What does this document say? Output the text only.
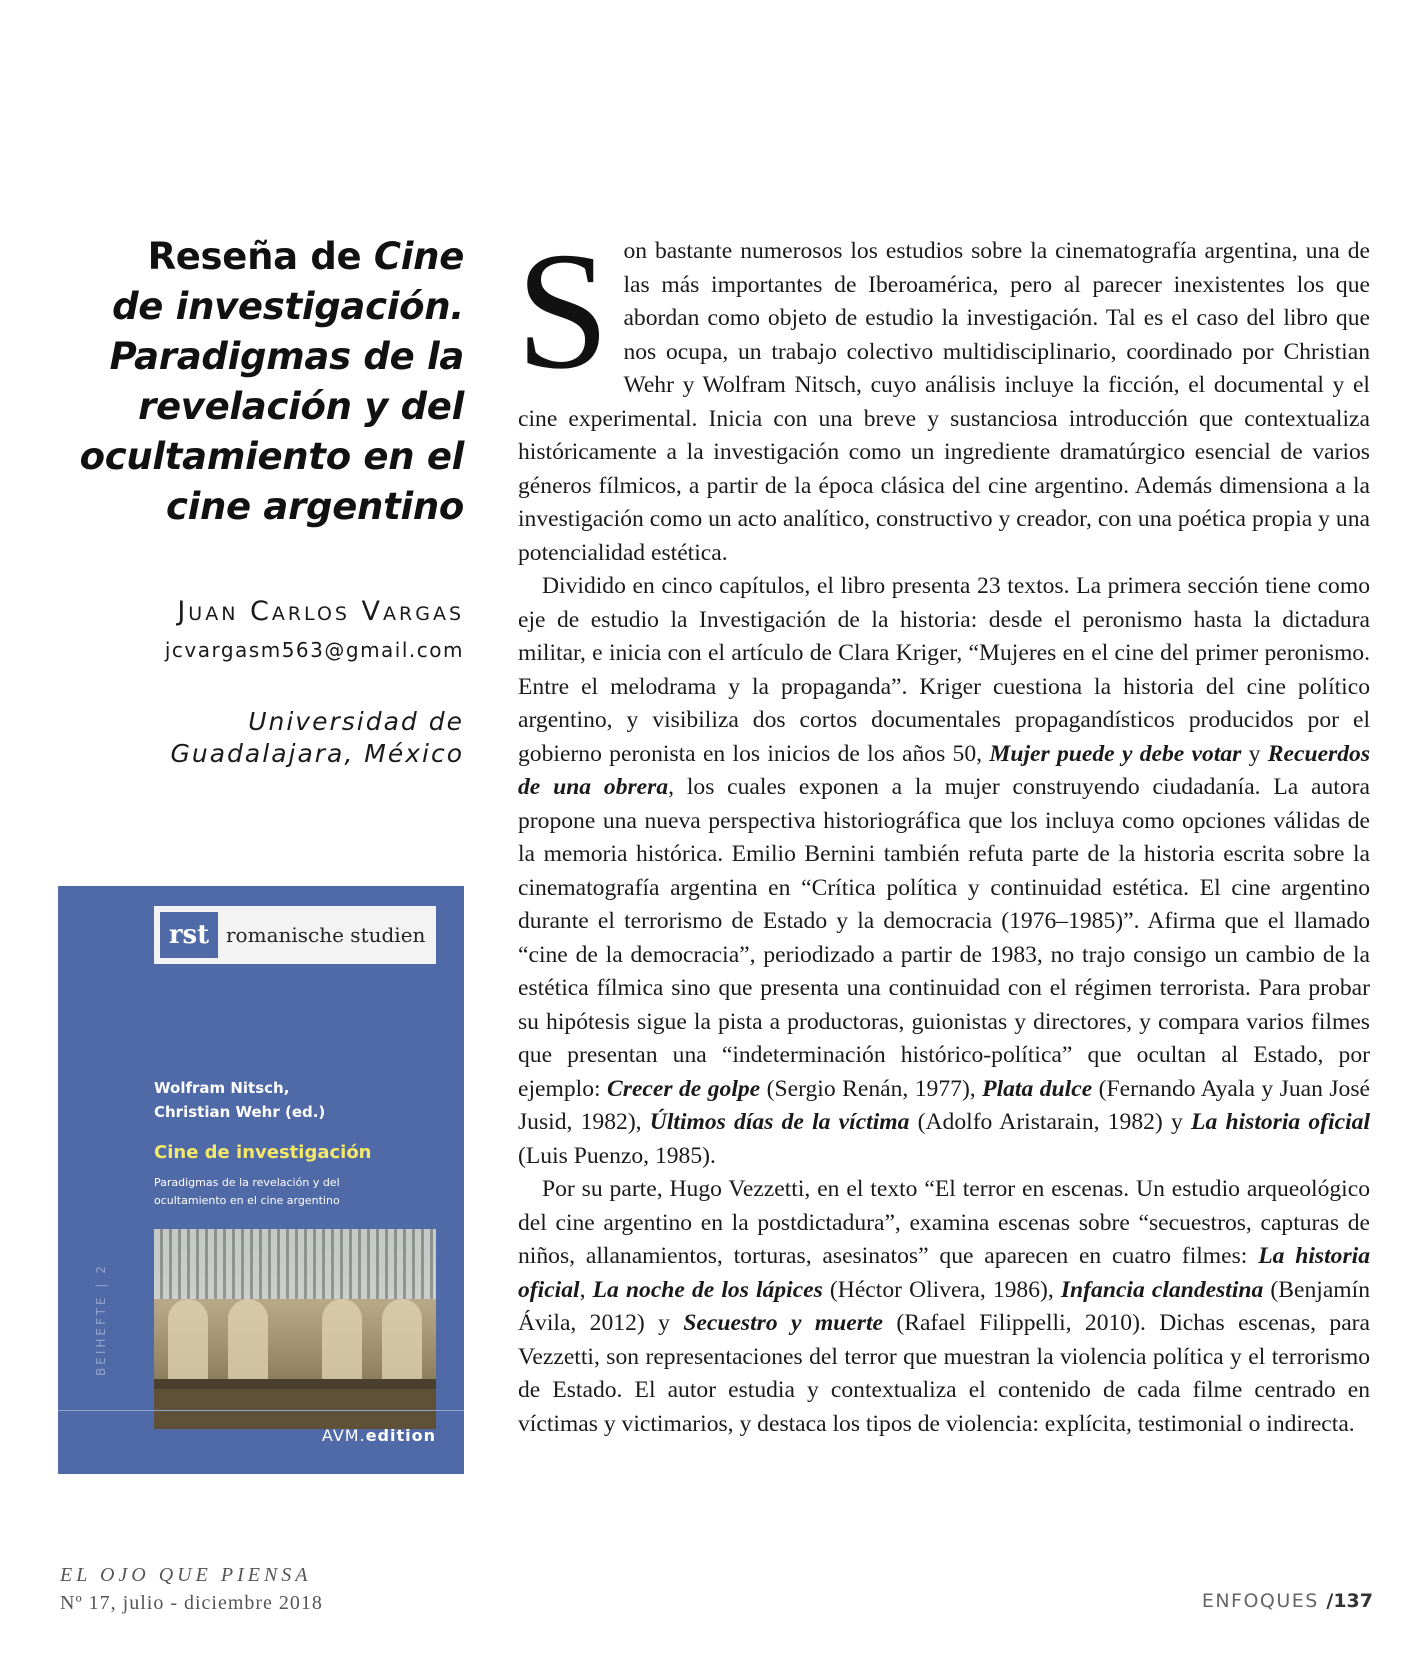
Reseña de Cine
de investigación.
Paradigmas de la
revelación y del
ocultamiento en el
cine argentino
Juan Carlos Vargas
jcvargasm563@gmail.com
Universidad de
Guadalajara, México
rst romanische studien
Wolfram Nitsch,
Christian Wehr (ed.)
Cine de investigación
Paradigmas de la revelación y del
ocultamiento en el cine argentino
BEIHEFTE | 2
AVM.edition

Son bastante numerosos los estudios sobre la cinematografía argentina, una de las más importantes de Iberoamérica, pero al parecer inexistentes los que abordan como objeto de estudio la investigación. Tal es el caso del libro que nos ocupa, un trabajo colectivo multidisciplinario, coordinado por Christian Wehr y Wolfram Nitsch, cuyo análisis incluye la ficción, el documental y el cine experimental. Inicia con una breve y sustanciosa introducción que contextualiza históricamente a la investigación como un ingrediente dramatúrgico esencial de varios géneros fílmicos, a partir de la época clásica del cine argentino. Además dimensiona a la investigación como un acto analítico, constructivo y creador, con una poética propia y una potencialidad estética.

Dividido en cinco capítulos, el libro presenta 23 textos. La primera sección tiene como eje de estudio la Investigación de la historia: desde el peronismo hasta la dictadura militar, e inicia con el artículo de Clara Kriger, “Mujeres en el cine del primer peronismo. Entre el melodrama y la propaganda”. Kriger cuestiona la historia del cine político argentino, y visibiliza dos cortos documentales propagandísticos producidos por el gobierno peronista en los inicios de los años 50, Mujer puede y debe votar y Recuerdos de una obrera, los cuales exponen a la mujer construyendo ciudadanía. La autora propone una nueva perspectiva historiográfica que los incluya como opciones válidas de la memoria histórica. Emilio Bernini también refuta parte de la historia escrita sobre la cinematografía argentina en “Crítica política y continuidad estética. El cine argentino durante el terrorismo de Estado y la democracia (1976–1985)”. Afirma que el llamado “cine de la democracia”, periodizado a partir de 1983, no trajo consigo un cambio de la estética fílmica sino que presenta una continuidad con el régimen terrorista. Para probar su hipótesis sigue la pista a productoras, guionistas y directores, y compara varios filmes que presentan una “indeterminación histórico-política” que ocultan al Estado, por ejemplo: Crecer de golpe (Sergio Renán, 1977), Plata dulce (Fernando Ayala y Juan José Jusid, 1982), Últimos días de la víctima (Adolfo Aristarain, 1982) y La historia oficial (Luis Puenzo, 1985).

Por su parte, Hugo Vezzetti, en el texto “El terror en escenas. Un estudio arqueológico del cine argentino en la postdictadura”, examina escenas sobre “secuestros, capturas de niños, allanamientos, torturas, asesinatos” que aparecen en cuatro filmes: La historia oficial, La noche de los lápices (Héctor Olivera, 1986), Infancia clandestina (Benjamín Ávila, 2012) y Secuestro y muerte (Rafael Filippelli, 2010). Dichas escenas, para Vezzetti, son representaciones del terror que muestran la violencia política y el terrorismo de Estado. El autor estudia y contextualiza el contenido de cada filme centrado en víctimas y victimarios, y destaca los tipos de violencia: explícita, testimonial o indirecta.

EL OJO QUE PIENSA
Nº 17, julio - diciembre 2018	ENFOQUES /137
